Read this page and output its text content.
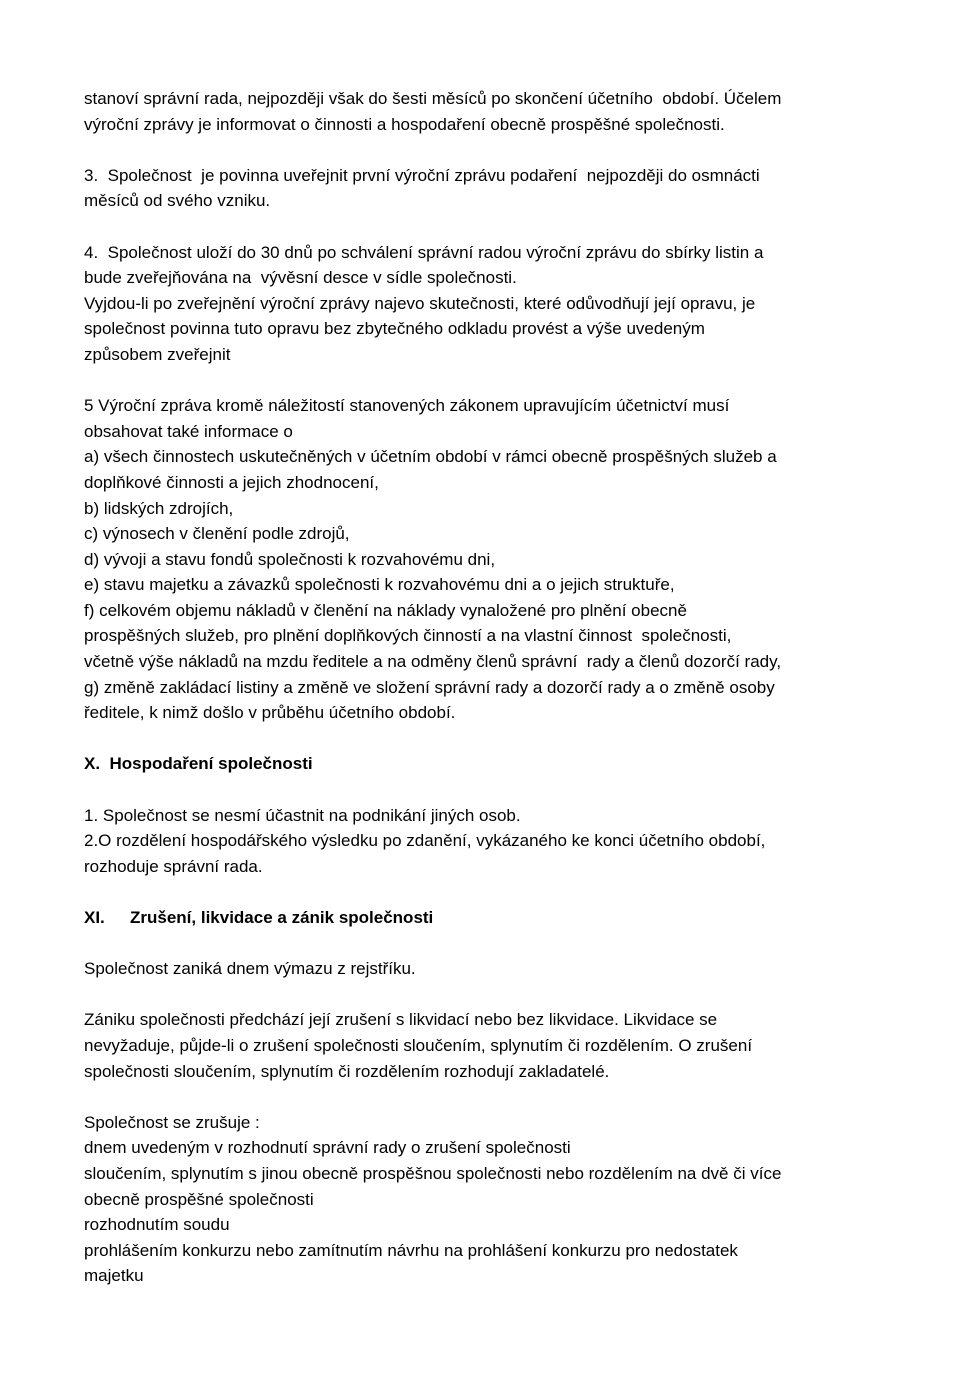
stanoví správní rada, nejpozději však do šesti měsíců po skončení účetního  období. Účelem
výroční zprávy je informovat o činnosti a hospodaření obecně prospěšné společnosti.
3.  Společnost  je povinna uveřejnit první výroční zprávu podaření  nejpozději do osmnácti
měsíců od svého vzniku.
4.  Společnost uloží do 30 dnů po schválení správní radou výroční zprávu do sbírky listin a
bude zveřejňována na  vývěsní desce v sídle společnosti.
Vyjdou-li po zveřejnění výroční zprávy najevo skutečnosti, které odůvodňují její opravu, je
společnost povinna tuto opravu bez zbytečného odkladu provést a výše uvedeným
způsobem zveřejnit
5 Výroční zpráva kromě náležitostí stanovených zákonem upravujícím účetnictví musí
obsahovat také informace o
a) všech činnostech uskutečněných v účetním období v rámci obecně prospěšných služeb a
doplňkové činnosti a jejich zhodnocení,
b) lidských zdrojích,
c) výnosech v členění podle zdrojů,
d) vývoji a stavu fondů společnosti k rozvahovému dni,
e) stavu majetku a závazků společnosti k rozvahovému dni a o jejich struktuře,
f) celkovém objemu nákladů v členění na náklady vynaložené pro plnění obecně
prospěšných služeb, pro plnění doplňkových činností a na vlastní činnost  společnosti,
včetně výše nákladů na mzdu ředitele a na odměny členů správní  rady a členů dozorčí rady,
g) změně zakládací listiny a změně ve složení správní rady a dozorčí rady a o změně osoby
ředitele, k nimž došlo v průběhu účetního období.
X.  Hospodaření společnosti
1. Společnost se nesmí účastnit na podnikání jiných osob.
2.O rozdělení hospodářského výsledku po zdanění, vykázaného ke konci účetního období,
rozhoduje správní rada.
XI. Zrušení, likvidace a zánik společnosti
Společnost zaniká dnem výmazu z rejstříku.
Zániku společnosti předchází její zrušení s likvidací nebo bez likvidace. Likvidace se
nevyžaduje, půjde-li o zrušení společnosti sloučením, splynutím či rozdělením. O zrušení
společnosti sloučením, splynutím či rozdělením rozhodují zakladatelé.
Společnost se zrušuje :
dnem uvedeným v rozhodnutí správní rady o zrušení společnosti
sloučením, splynutím s jinou obecně prospěšnou společnosti nebo rozdělením na dvě či více
obecně prospěšné společnosti
rozhodnutím soudu
prohlášením konkurzu nebo zamítnutím návrhu na prohlášení konkurzu pro nedostatek
majetku
